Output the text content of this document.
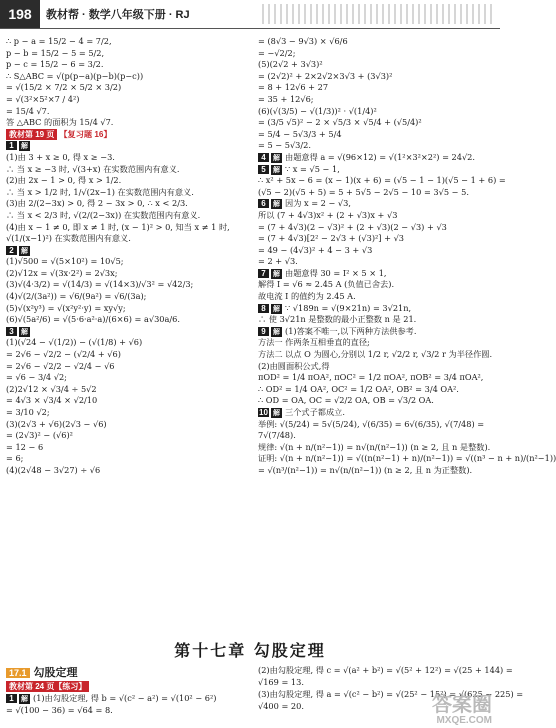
198	教材帮 · 数学八年级下册 · RJ
∴ p − a = 15/2 − 4 = 7/2,
p − b = 15/2 − 5 = 5/2,
p − c = 15/2 − 6 = 3/2.
∴ S△ABC = √(p(p−a)(p−b)(p−c))
= √(15/2 × 7/2 × 5/2 × 3/2)
= √(3²×5²×7 / 4²)
= 15/4 √7.
答 △ABC 的面积为 15/4 √7.
教材第 19 页 【复习题 16】
1 解
(1)由 3 + x ≥ 0, 得 x ≥ −3.
∴ 当 x ≥ −3 时, √(3+x) 在实数范围内有意义.
(2)由 2x − 1 > 0, 得 x > 1/2.
∴ 当 x > 1/2 时, 1/√(2x−1) 在实数范围内有意义.
(3)由 2/(2−3x) > 0, 得 2 − 3x > 0, ∴ x < 2/3.
∴ 当 x < 2/3 时, √(2/(2−3x)) 在实数范围内有意义.
(4)由 x − 1 ≠ 0, 即 x ≠ 1 时, (x − 1)² > 0, 知当 x ≠ 1 时,
√(1/(x−1)²) 在实数范围内有意义.
2 解
(1)√500 = √(5×10²) = 10√5;
(2)√12x = √(3x·2²) = 2√3x;
(3)√(4·3/2) = √(14/3) = √(14×3)/√3² = √42/3;
(4)√(2/(3a²)) = √6/(9a²) = √6/(3a);
(5)√(x²y³) = √(x²y²·y) = xy√y;
(6)√(5a²/6) = √(5·6·a²·a)/(6×6) = a√30a/6.
3 解
(1)(√24 − √(1/2)) − (√(1/8) + √6)
= 2√6 − √2/2 − (√2/4 + √6)
= 2√6 − √2/2 − √2/4 − √6
= √6 − 3/4 √2;
(2)2√12 × √3/4 ÷ 5√2
= 4√3 × √3/4 × √2/10
= 3/10 √2;
(3)(2√3 + √6)(2√3 − √6)
= (2√3)² − (√6)²
= 12 − 6
= 6;
(4)(2√48 − 3√27) ÷ √6
= (8√3 − 9√3) × √6/6
= −√2/2;
(5)(2√2 + 3√3)²
= (2√2)² + 2×2√2×3√3 + (3√3)²
= 8 + 12√6 + 27
= 35 + 12√6;
(6)(√(3/5) − √(1/3))² · √(1/4)²
= (3/5 √5)² − 2 × √5/3 × √5/4 + (√5/4)²
= 5/4 − 5√3/3 + 5/4
= 5 − 5√3/2.
4 解 由题意得 a = √(96×12) = √(1²×3²×2²) = 24√2.
5 解 ∵ x = √5 − 1,
∴ x² + 5x − 6 = (x − 1)(x + 6) = (√5 − 1 − 1)(√5 − 1 + 6) =
(√5 − 2)(√5 + 5) = 5 + 5√5 − 2√5 − 10 = 3√5 − 5.
6 解 因为 x = 2 − √3,
所以 (7 + 4√3)x² + (2 + √3)x + √3
= (7 + 4√3)(2 − √3)² + (2 + √3)(2 − √3) + √3
= (7 + 4√3)[2² − 2√3 + (√3)²] + √3
= 49 − (4√3)² + 4 − 3 + √3
= 2 + √3.
7 解 由题意得 30 = I² × 5 × 1,
解得 I = √6 ≈ 2.45 A (负值已舍去).
故电流 I 的值约为 2.45 A.
8 解 ∵ √189n = √(9×21n) = 3√21n,
∴ 使 3√21n 是整数的最小正整数 n 是 21.
9 解 (1)答案不唯一,以下两种方法供参考.
方法一 作两条互相垂直的直径;
方法二 以点 O 为圆心,分别以 1/2 r, √2/2 r, √3/2 r 为半径作圆.
(2)由圆面积公式,得
πOD² = 1/4 πOA², πOC² = 1/2 πOA², πOB² = 3/4 πOA²,
∴ OD² = 1/4 OA², OC² = 1/2 OA², OB² = 3/4 OA².
∴ OD = OA, OC = √2/2 OA, OB = √3/2 OA.
10 解 三个式子都成立.
举例: √(5/24) = 5√(5/24), √(6/35) = 6√(6/35), √(7/48) =
7√(7/48).
规律: √(n + n/(n²−1)) = n√(n/(n²−1)) (n ≥ 2, 且 n 是整数).
证明: √(n + n/(n²−1)) = √((n(n²−1) + n)/(n²−1)) = √((n³ − n + n)/(n²−1))
= √(n³/(n²−1)) = n√(n/(n²−1)) (n ≥ 2, 且 n 为正整数).
第十七章 勾股定理
17.1 勾股定理
教材第 24 页【练习】
1 解 (1)由勾股定理, 得 b = √(c² − a²) = √(10² − 6²)
= √(100 − 36) = √64 = 8.
(2)由勾股定理, 得 c = √(a² + b²) = √(5² + 12²) = √(25 + 144) =
√169 = 13.
(3)由勾股定理, 得 a = √(c² − b²) = √(25² − 15²) = √(625 − 225) =
√400 = 20.	答案圈
MXQE.COM
